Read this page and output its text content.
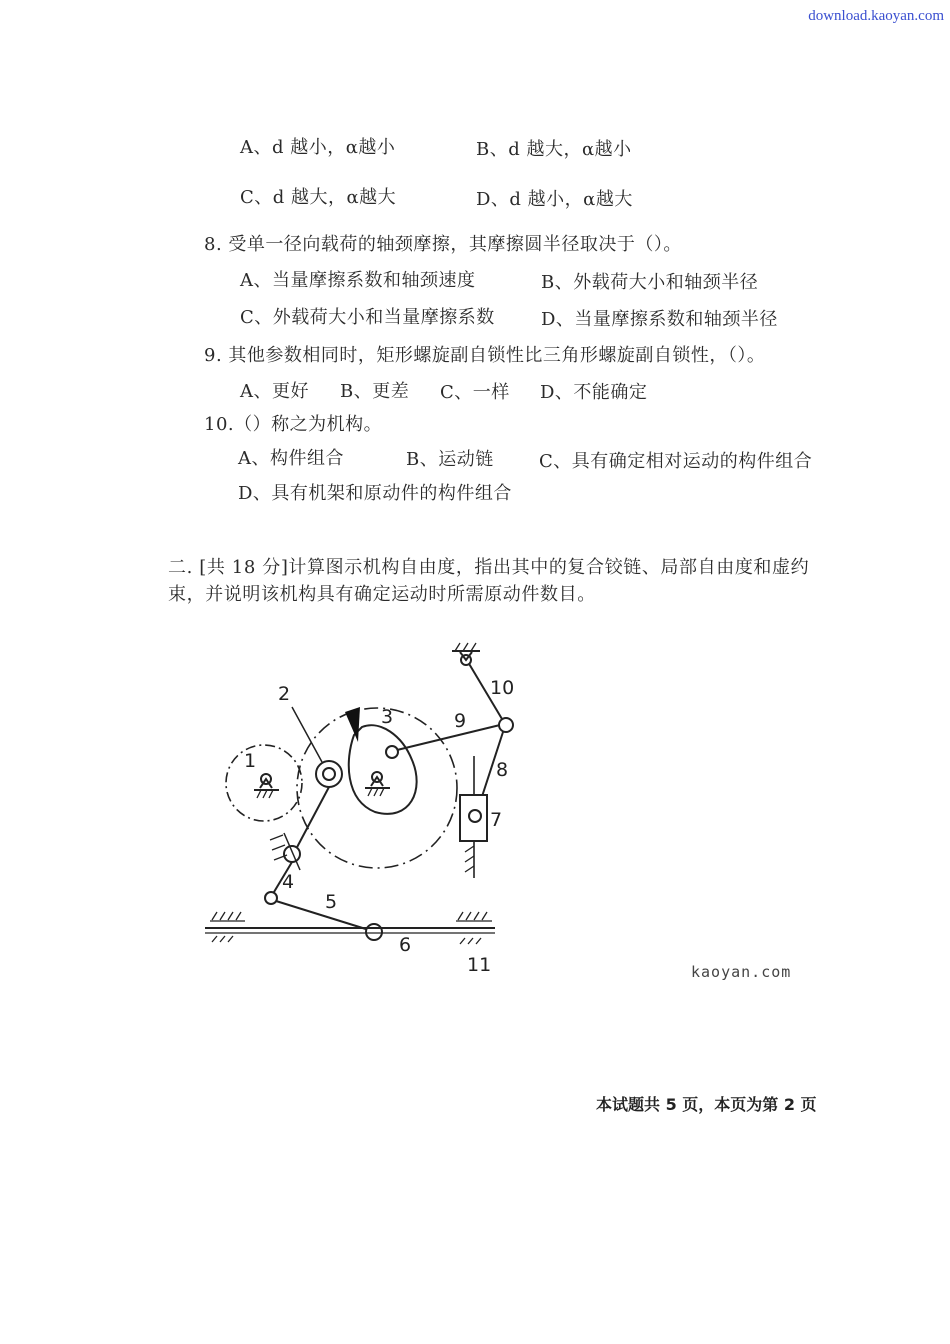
download.kaoyan.com
A、d 越小，α越小	B、d 越大，α越小
C、d 越大，α越大	D、d 越小，α越大
8. 受单一径向载荷的轴颈摩擦，其摩擦圆半径取决于（）。
A、当量摩擦系数和轴颈速度	B、外载荷大小和轴颈半径
C、外载荷大小和当量摩擦系数	D、当量摩擦系数和轴颈半径
9. 其他参数相同时，矩形螺旋副自锁性比三角形螺旋副自锁性，（）。
A、更好 B、更差 C、一样 D、不能确定
10.（）称之为机构。
A、构件组合	B、运动链	C、具有确定相对运动的构件组合
D、具有机架和原动件的构件组合
二. [共 18 分]计算图示机构自由度，指出其中的复合铰链、局部自由度和虚约
束，并说明该机构具有确定运动时所需原动件数目。
1
2
3
4
5
6
7
8
9
10
11	kaoyan.com
本试题共 5 页，本页为第 2 页
